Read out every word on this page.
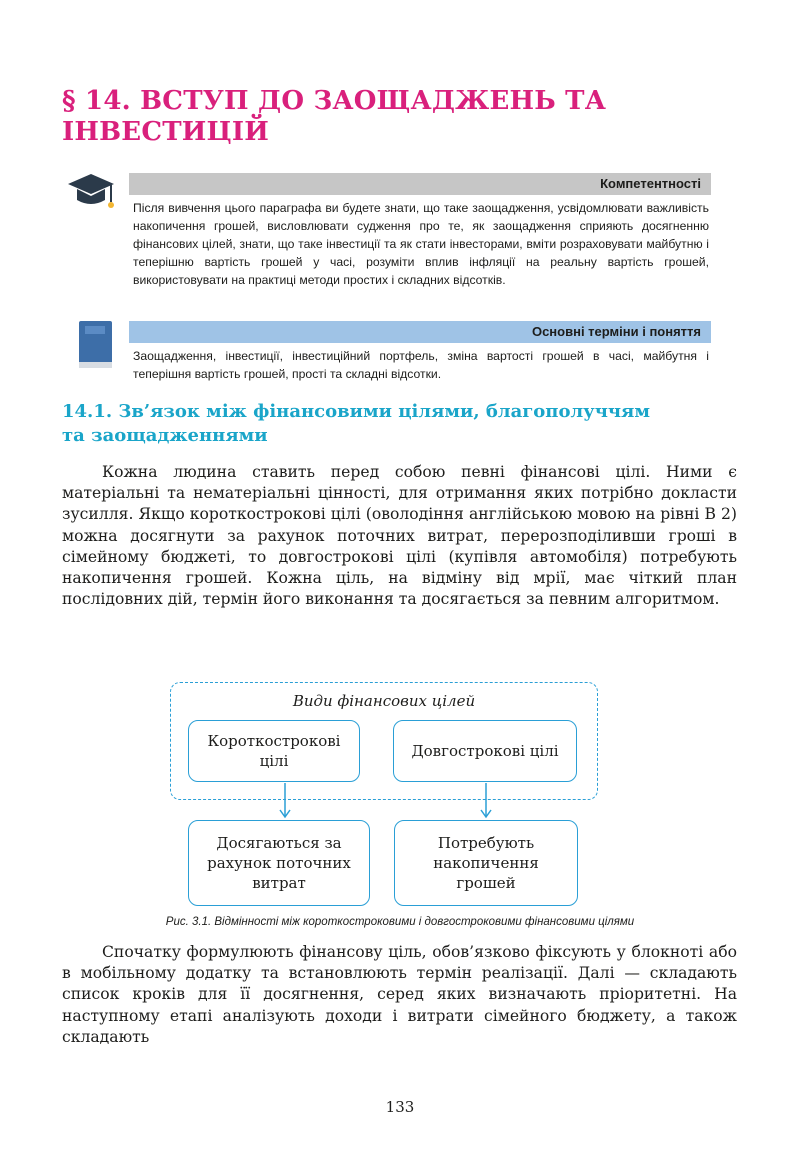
§ 14. ВСТУП ДО ЗАОЩАДЖЕНЬ ТА
ІНВЕСТИЦІЙ
Компетентності

Після вивчення цього параграфа ви будете знати, що таке заощадження, усвідомлювати важливість накопичення грошей, висловлювати судження про те, як заощадження сприяють досягненню фінансових цілей, знати, що таке інвестиції та як стати інвесторами, вміти розраховувати майбутню і теперішню вартість грошей у часі, розуміти вплив інфляції на реальну вартість грошей, використовувати на практиці методи простих і складних відсотків.

Основні терміни і поняття

Заощадження, інвестиції, інвестиційний портфель, зміна вартості грошей в часі, майбутня і теперішня вартість грошей, прості та складні відсотки.

14.1. Зв’язок між фінансовими цілями, благополуччям
та заощадженнями

Кожна людина ставить перед собою певні фінансові цілі. Ними є матеріальні та нематеріальні цінності, для отримання яких потрібно докласти зусилля. Якщо короткострокові цілі (оволодіння англійською мовою на рівні В 2) можна досягнути за рахунок поточних витрат, перерозподіливши гроші в сімейному бюджеті, то довгострокові цілі (купівля автомобіля) потребують накопичення грошей. Кожна ціль, на відміну від мрії, має чіткий план послідовних дій, термін його виконання та досягається за певним алгоритмом.

Види фінансових цілей
Короткострокові цілі
Довгострокові цілі
Досягаються за
рахунок поточних
витрат
Потребують
накопичення
грошей

Рис. 3.1. Відмінності між короткостроковими і довгостроковими фінансовими цілями

Спочатку формулюють фінансову ціль, обов’язково фіксують у блокноті або в мобільному додатку та встановлюють термін реалізації. Далі — складають список кроків для її досягнення, серед яких визначають пріоритетні. На наступному етапі аналізують доходи і витрати сімейного бюджету, а також складають

133
